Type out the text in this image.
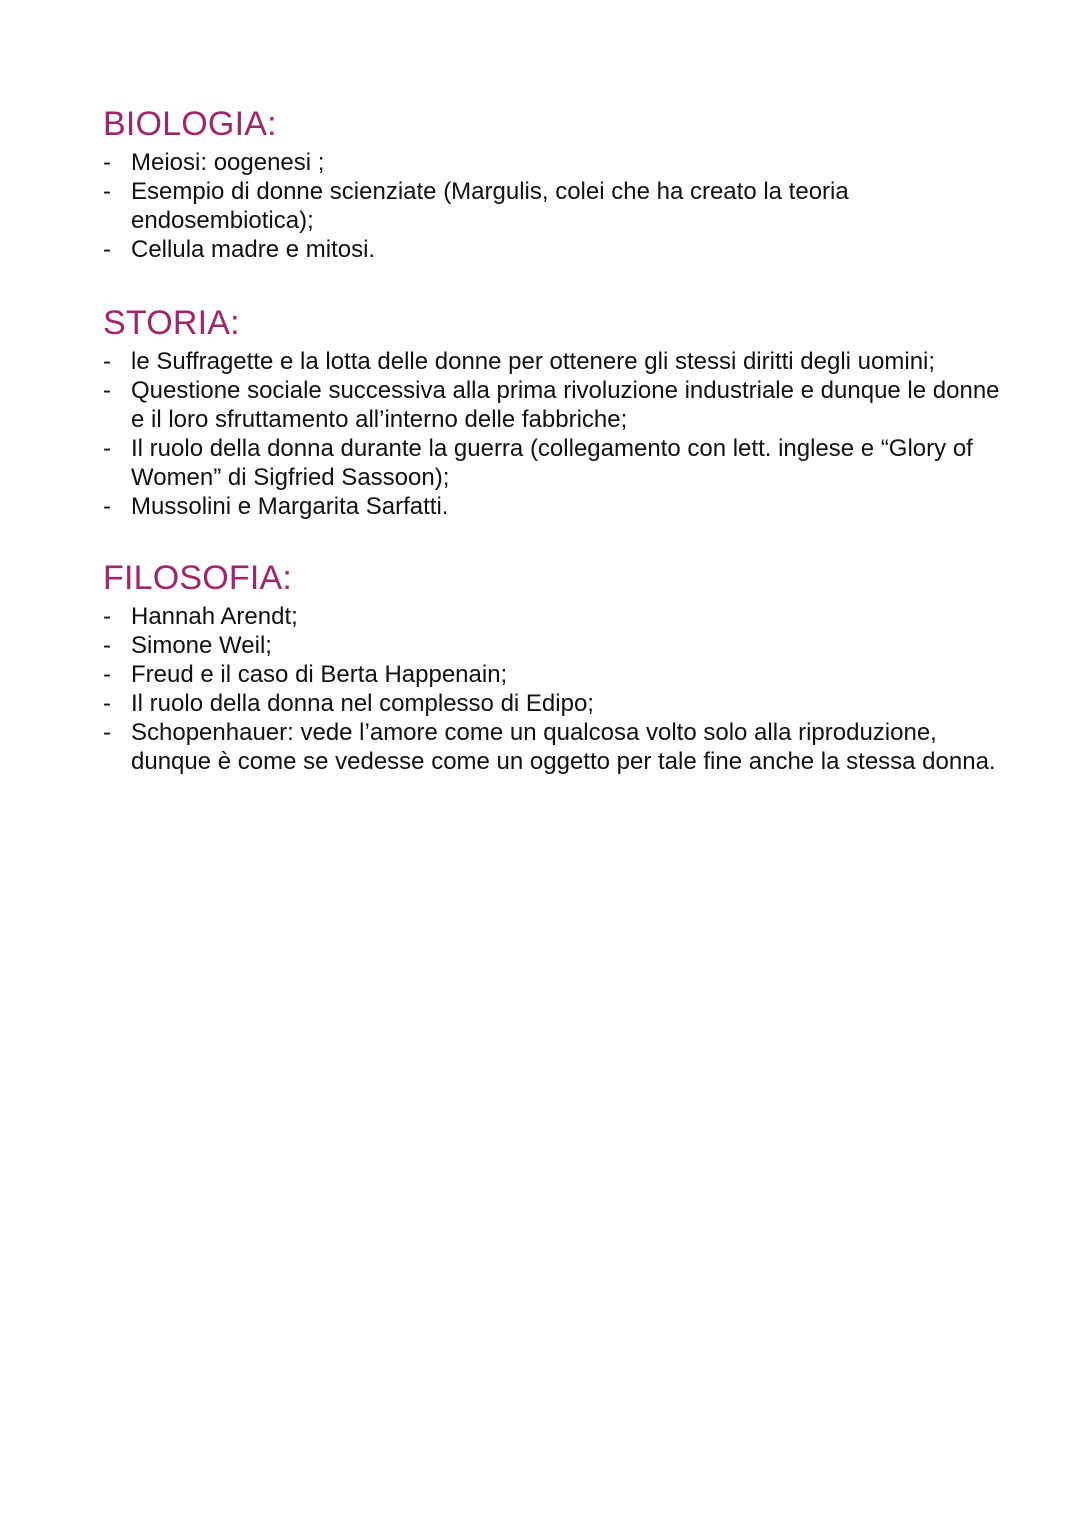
BIOLOGIA:
- Meiosi: oogenesi ;
- Esempio di donne scienziate (Margulis, colei che ha creato la teoria endosembiotica);
- Cellula madre e mitosi.
STORIA:
- le Suffragette e la lotta delle donne per ottenere gli stessi diritti degli uomini;
- Questione sociale successiva alla prima rivoluzione industriale e dunque le donne e il loro sfruttamento all’interno delle fabbriche;
- Il ruolo della donna durante la guerra (collegamento con lett. inglese e “Glory of Women” di Sigfried Sassoon);
- Mussolini e Margarita Sarfatti.
FILOSOFIA:
- Hannah Arendt;
- Simone Weil;
- Freud e il caso di Berta Happenain;
- Il ruolo della donna nel complesso di Edipo;
- Schopenhauer: vede l’amore come un qualcosa volto solo alla riproduzione, dunque è come se vedesse come un oggetto per tale fine anche la stessa donna.
